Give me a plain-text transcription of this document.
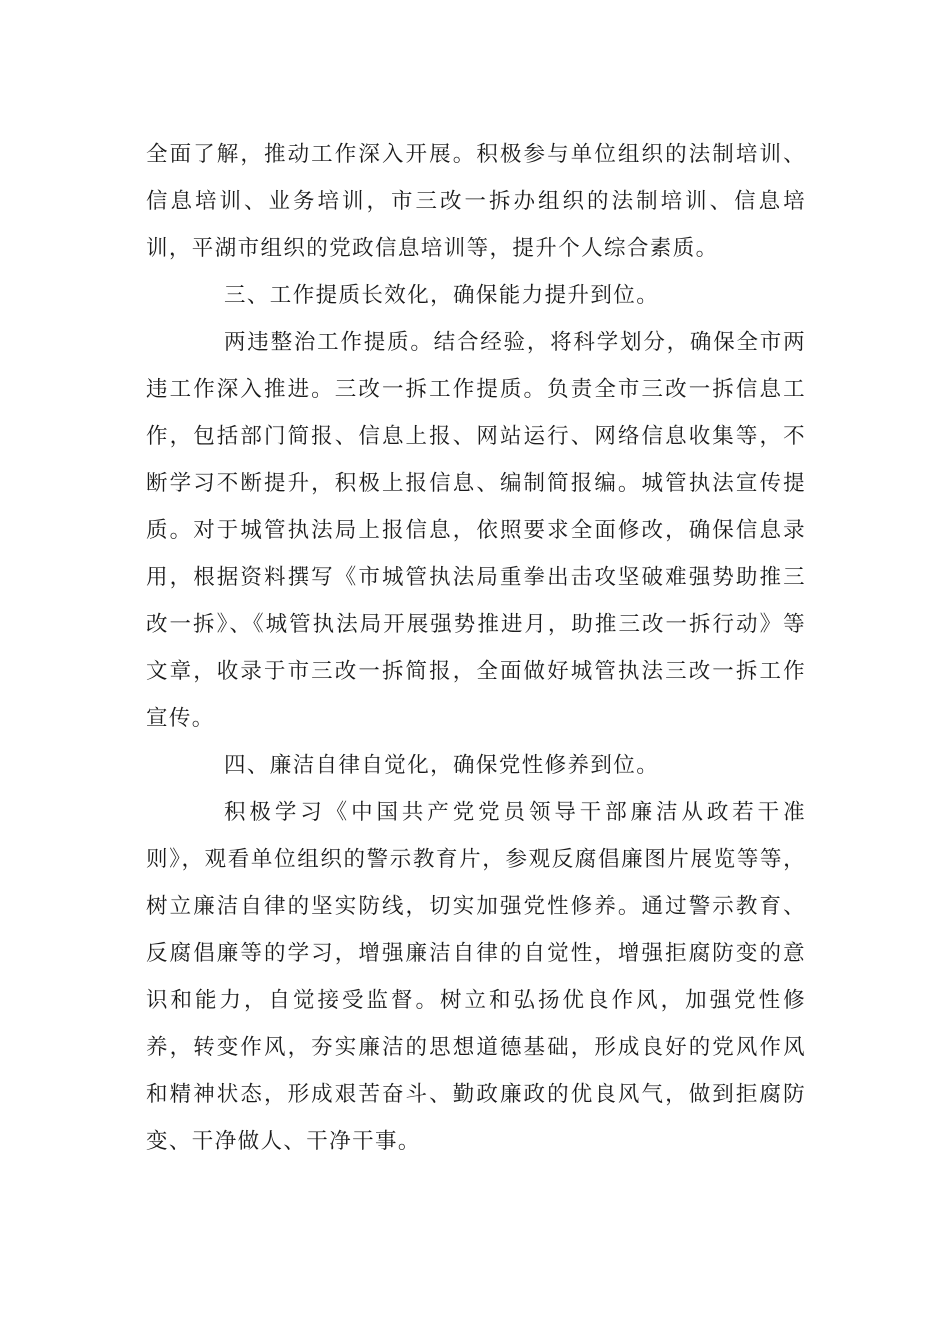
全面了解，推动工作深入开展。积极参与单位组织的法制培训、信息培训、业务培训，市三改一拆办组织的法制培训、信息培训，平湖市组织的党政信息培训等，提升个人综合素质。

三、工作提质长效化，确保能力提升到位。

两违整治工作提质。结合经验，将科学划分，确保全市两违工作深入推进。三改一拆工作提质。负责全市三改一拆信息工作，包括部门简报、信息上报、网站运行、网络信息收集等，不断学习不断提升，积极上报信息、编制简报编。城管执法宣传提质。对于城管执法局上报信息，依照要求全面修改，确保信息录用，根据资料撰写《市城管执法局重拳出击攻坚破难强势助推三改一拆》、《城管执法局开展强势推进月，助推三改一拆行动》等文章，收录于市三改一拆简报，全面做好城管执法三改一拆工作宣传。

四、廉洁自律自觉化，确保党性修养到位。

积极学习《中国共产党党员领导干部廉洁从政若干准则》，观看单位组织的警示教育片，参观反腐倡廉图片展览等等，树立廉洁自律的坚实防线，切实加强党性修养。通过警示教育、反腐倡廉等的学习，增强廉洁自律的自觉性，增强拒腐防变的意识和能力，自觉接受监督。树立和弘扬优良作风，加强党性修养，转变作风，夯实廉洁的思想道德基础，形成良好的党风作风和精神状态，形成艰苦奋斗、勤政廉政的优良风气，做到拒腐防变、干净做人、干净干事。
